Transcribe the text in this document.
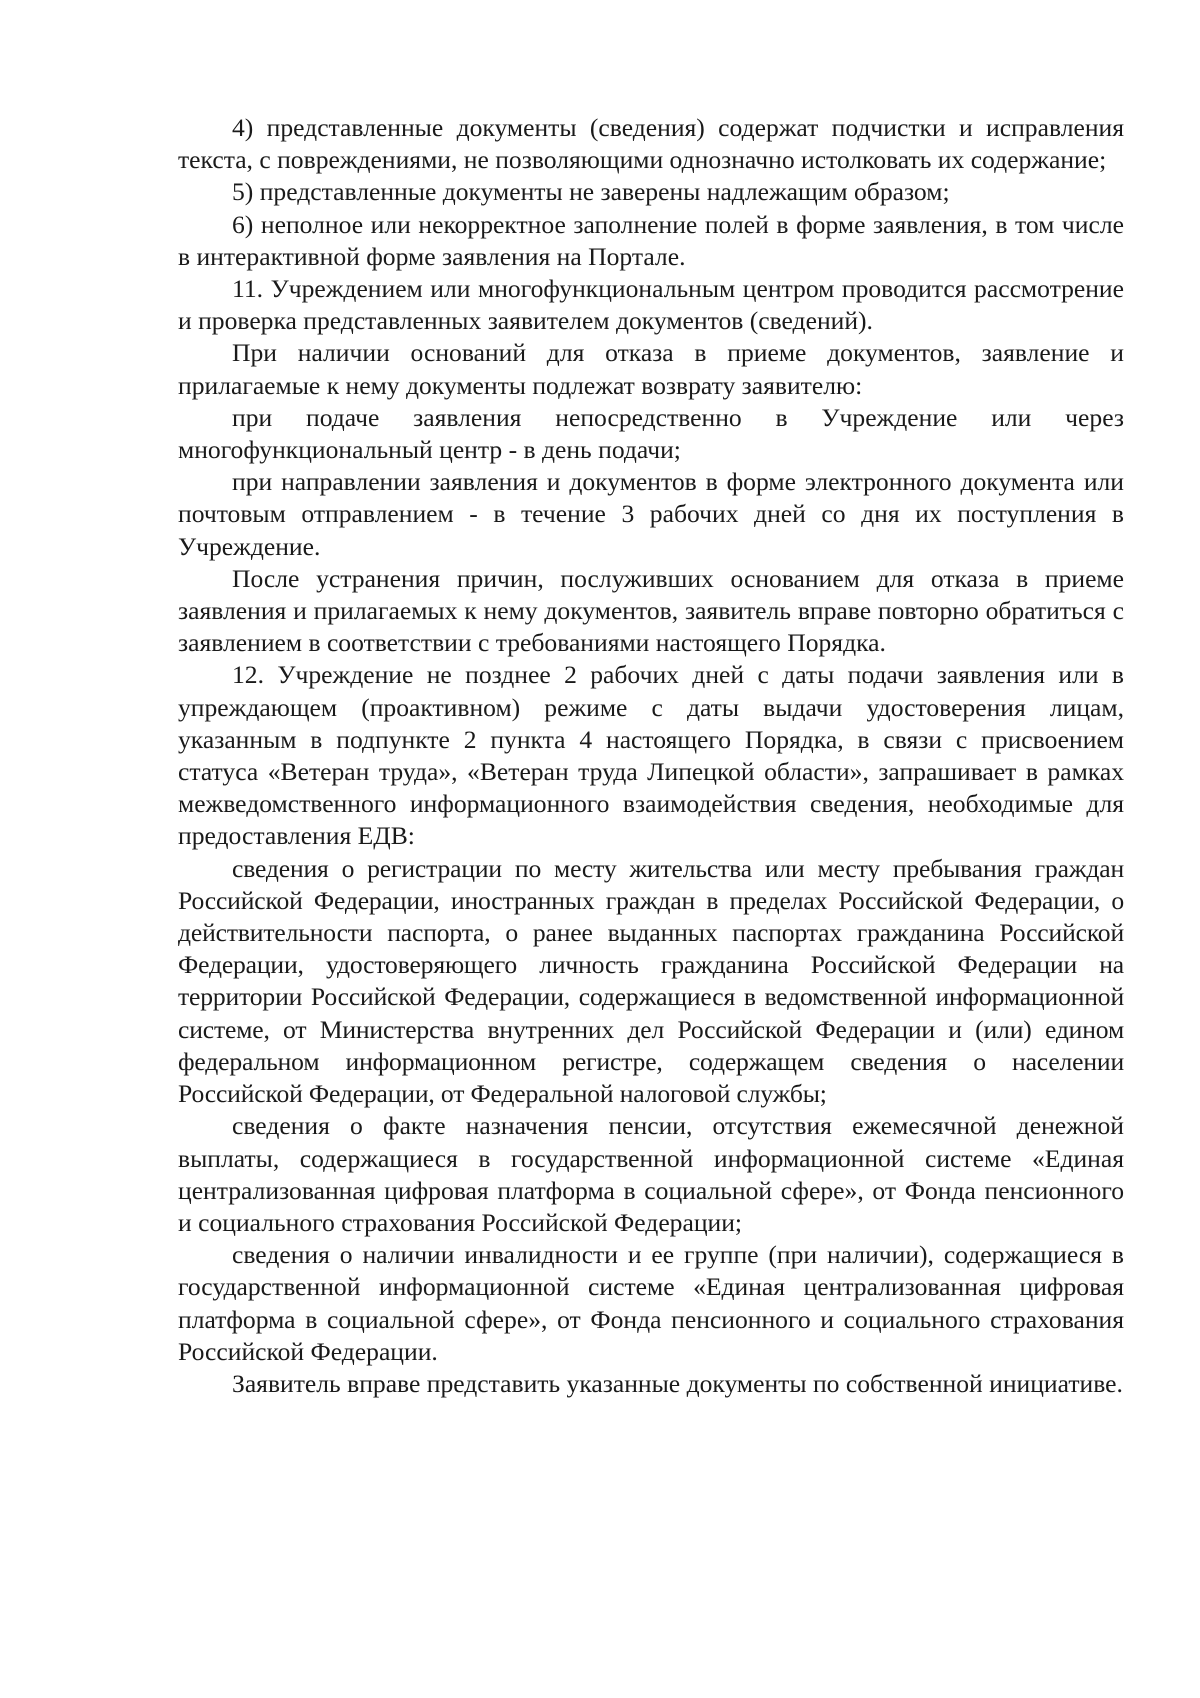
4) представленные документы (сведения) содержат подчистки и исправления текста, с повреждениями, не позволяющими однозначно истолковать их содержание;

5) представленные документы не заверены надлежащим образом;

6) неполное или некорректное заполнение полей в форме заявления, в том числе в интерактивной форме заявления на Портале.

11. Учреждением или многофункциональным центром проводится рассмотрение и проверка представленных заявителем документов (сведений).

При наличии оснований для отказа в приеме документов, заявление и прилагаемые к нему документы подлежат возврату заявителю:

при подаче заявления непосредственно в Учреждение или через многофункциональный центр - в день подачи;

при направлении заявления и документов в форме электронного документа или почтовым отправлением - в течение 3 рабочих дней со дня их поступления в Учреждение.

После устранения причин, послуживших основанием для отказа в приеме заявления и прилагаемых к нему документов, заявитель вправе повторно обратиться с заявлением в соответствии с требованиями настоящего Порядка.

12. Учреждение не позднее 2 рабочих дней с даты подачи заявления или в упреждающем (проактивном) режиме с даты выдачи удостоверения лицам, указанным в подпункте 2 пункта 4 настоящего Порядка, в связи с присвоением статуса «Ветеран труда», «Ветеран труда Липецкой области», запрашивает в рамках межведомственного информационного взаимодействия сведения, необходимые для предоставления ЕДВ:

сведения о регистрации по месту жительства или месту пребывания граждан Российской Федерации, иностранных граждан в пределах Российской Федерации, о действительности паспорта, о ранее выданных паспортах гражданина Российской Федерации, удостоверяющего личность гражданина Российской Федерации на территории Российской Федерации, содержащиеся в ведомственной информационной системе, от Министерства внутренних дел Российской Федерации и (или) едином федеральном информационном регистре, содержащем сведения о населении Российской Федерации, от Федеральной налоговой службы;

сведения о факте назначения пенсии, отсутствия ежемесячной денежной выплаты, содержащиеся в государственной информационной системе «Единая централизованная цифровая платформа в социальной сфере», от Фонда пенсионного и социального страхования Российской Федерации;

сведения о наличии инвалидности и ее группе (при наличии), содержащиеся в государственной информационной системе «Единая централизованная цифровая платформа в социальной сфере», от Фонда пенсионного и социального страхования Российской Федерации.

Заявитель вправе представить указанные документы по собственной инициативе.
